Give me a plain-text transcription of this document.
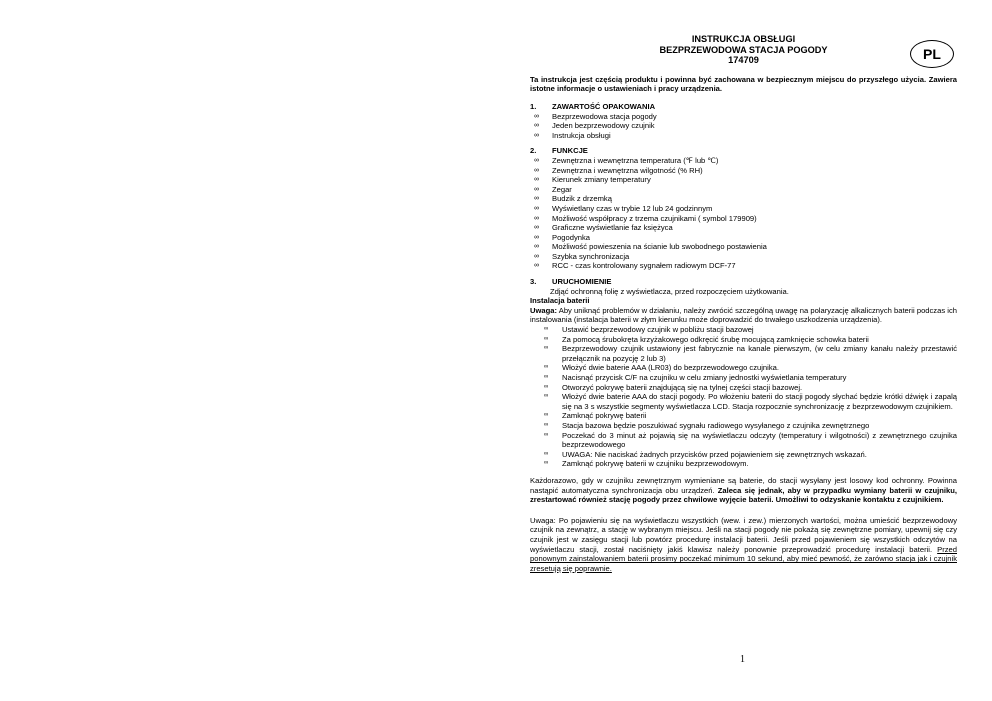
PL
INSTRUKCJA OBSŁUGI
BEZPRZEWODOWA STACJA POGODY
174709
Ta instrukcja jest częścią produktu i powinna być zachowana w bezpiecznym miejscu do przyszłego użycia. Zawiera istotne informacje o ustawieniach i pracy urządzenia.
1. ZAWARTOŚĆ OPAKOWANIA
∞ Bezprzewodowa stacja pogody
∞ Jeden bezprzewodowy czujnik
∞ Instrukcja obsługi
2. FUNKCJE
∞ Zewnętrzna i wewnętrzna temperatura (℉ lub ℃)
∞ Zewnętrzna i wewnętrzna wilgotność (% RH)
∞ Kierunek zmiany temperatury
∞ Zegar
∞ Budzik z drzemką
∞ Wyświetlany czas w trybie 12 lub 24 godzinnym
∞ Możliwość współpracy z trzema czujnikami ( symbol 179909)
∞ Graficzne wyświetlanie faz księżyca
∞ Pogodynka
∞ Możliwość powieszenia na ścianie lub swobodnego postawienia
∞ Szybka synchronizacja
∞ RCC - czas kontrolowany sygnałem radiowym DCF-77
3. URUCHOMIENIE
Zdjąć ochronną folię z wyświetlacza, przed rozpoczęciem użytkowania.
Instalacja baterii
Uwaga: Aby uniknąć problemów w działaniu, należy zwrócić szczególną uwagę na polaryzację alkalicznych baterii podczas ich instalowania (instalacja baterii w złym kierunku może doprowadzić do trwałego uszkodzenia urządzenia).
∞ Ustawić bezprzewodowy czujnik w pobliżu stacji bazowej
∞ Za pomocą śrubokręta krzyżakowego odkręcić śrubę mocującą zamknięcie schowka baterii
∞ Bezprzewodowy czujnik ustawiony jest fabrycznie na kanale pierwszym, (w celu zmiany kanału należy przestawić przełącznik na pozycję 2 lub 3)
∞ Włożyć dwie baterie AAA (LR03) do bezprzewodowego czujnika.
∞ Nacisnąć przycisk C/F na czujniku w celu zmiany jednostki wyświetlania temperatury
∞ Otworzyć pokrywę baterii znajdującą się na tylnej części stacji bazowej.
∞ Włożyć dwie baterie AAA do stacji pogody. Po włożeniu baterii do stacji pogody słychać będzie krótki dźwięk i zapalą się na 3 s wszystkie segmenty wyświetlacza LCD. Stacja rozpocznie synchronizację z bezprzewodowym czujnikiem.
∞ Zamknąć pokrywę baterii
∞ Stacja bazowa będzie poszukiwać sygnału radiowego wysyłanego z czujnika zewnętrznego
∞ Poczekać do 3 minut aż pojawią się na wyświetlaczu odczyty (temperatury i wilgotności) z zewnętrznego czujnika bezprzewodowego
∞ UWAGA: Nie naciskać żadnych przycisków przed pojawieniem się zewnętrznych wskazań.
∞ Zamknąć pokrywę baterii w czujniku bezprzewodowym.
Każdorazowo, gdy w czujniku zewnętrznym wymieniane są baterie, do stacji wysyłany jest losowy kod ochronny. Powinna nastąpić automatyczna synchronizacja obu urządzeń. Zaleca się jednak, aby w przypadku wymiany baterii w czujniku, zrestartować również stację pogody przez chwilowe wyjęcie baterii. Umożliwi to odzyskanie kontaktu z czujnikiem.
Uwaga: Po pojawieniu się na wyświetlaczu wszystkich (wew. i zew.) mierzonych wartości, można umieścić bezprzewodowy czujnik na zewnątrz, a stację w wybranym miejscu. Jeśli na stacji pogody nie pokażą się zewnętrzne pomiary, upewnij się czy czujnik jest w zasięgu stacji lub powtórz procedurę instalacji baterii. Jeśli przed pojawieniem się wszystkich odczytów na wyświetlaczu stacji, został naciśnięty jakiś klawisz należy ponownie przeprowadzić procedurę instalacji baterii. Przed ponownym zainstalowaniem baterii prosimy poczekać minimum 10 sekund, aby mieć pewność, że zarówno stacja jak i czujnik zresetują się poprawnie.
1
